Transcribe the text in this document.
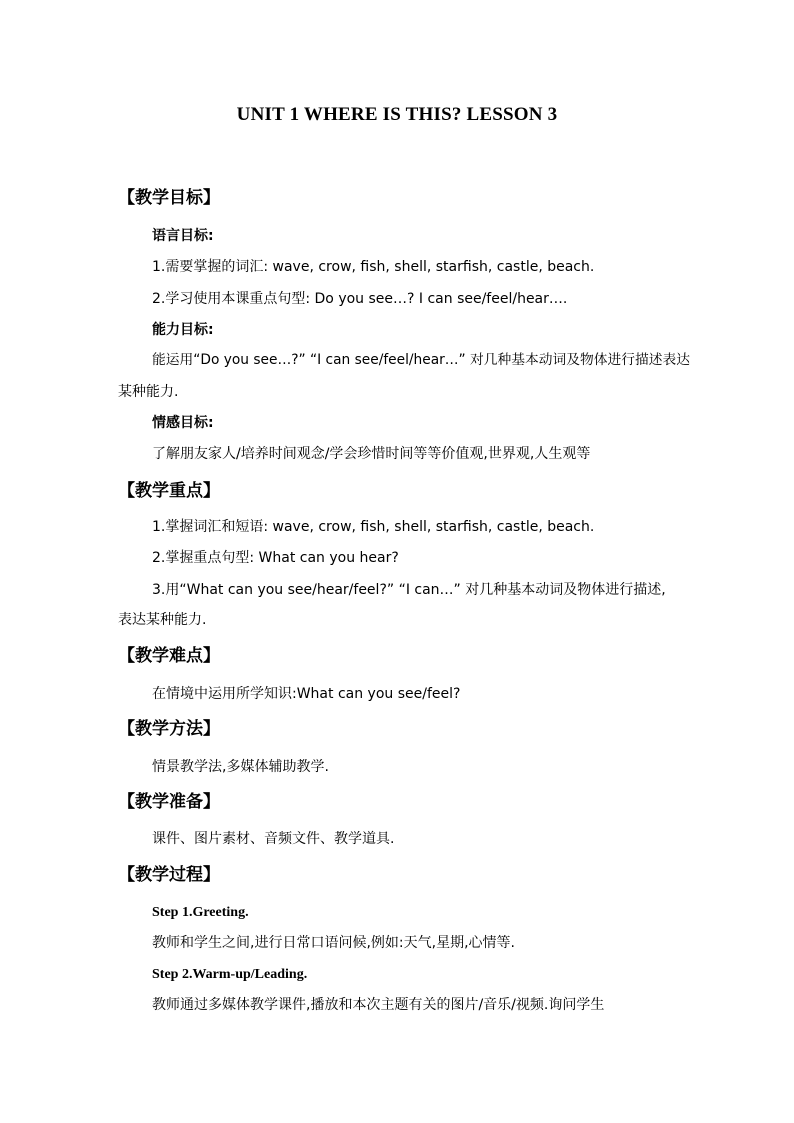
UNIT 1 WHERE IS THIS? LESSON 3
【教学目标】
语言目标:
1.需要掌握的词汇: wave, crow, fish, shell, starfish, castle, beach.
2.学习使用本课重点句型: Do you see…? I can see/feel/hear….
能力目标:
能运用“Do you see…?” “I can see/feel/hear…” 对几种基本动词及物体进行描述表达
某种能力.
情感目标:
了解朋友家人/培养时间观念/学会珍惜时间等等价值观,世界观,人生观等
【教学重点】
1.掌握词汇和短语: wave, crow, fish, shell, starfish, castle, beach.
2.掌握重点句型: What can you hear?
3.用“What can you see/hear/feel?” “I can…” 对几种基本动词及物体进行描述,
表达某种能力.
【教学难点】
在情境中运用所学知识:What can you see/feel?
【教学方法】
情景教学法,多媒体辅助教学.
【教学准备】
课件、图片素材、音频文件、教学道具.
【教学过程】
Step 1.Greeting.
教师和学生之间,进行日常口语问候,例如:天气,星期,心情等.
Step 2.Warm-up/Leading.
教师通过多媒体教学课件,播放和本次主题有关的图片/音乐/视频.询问学生
